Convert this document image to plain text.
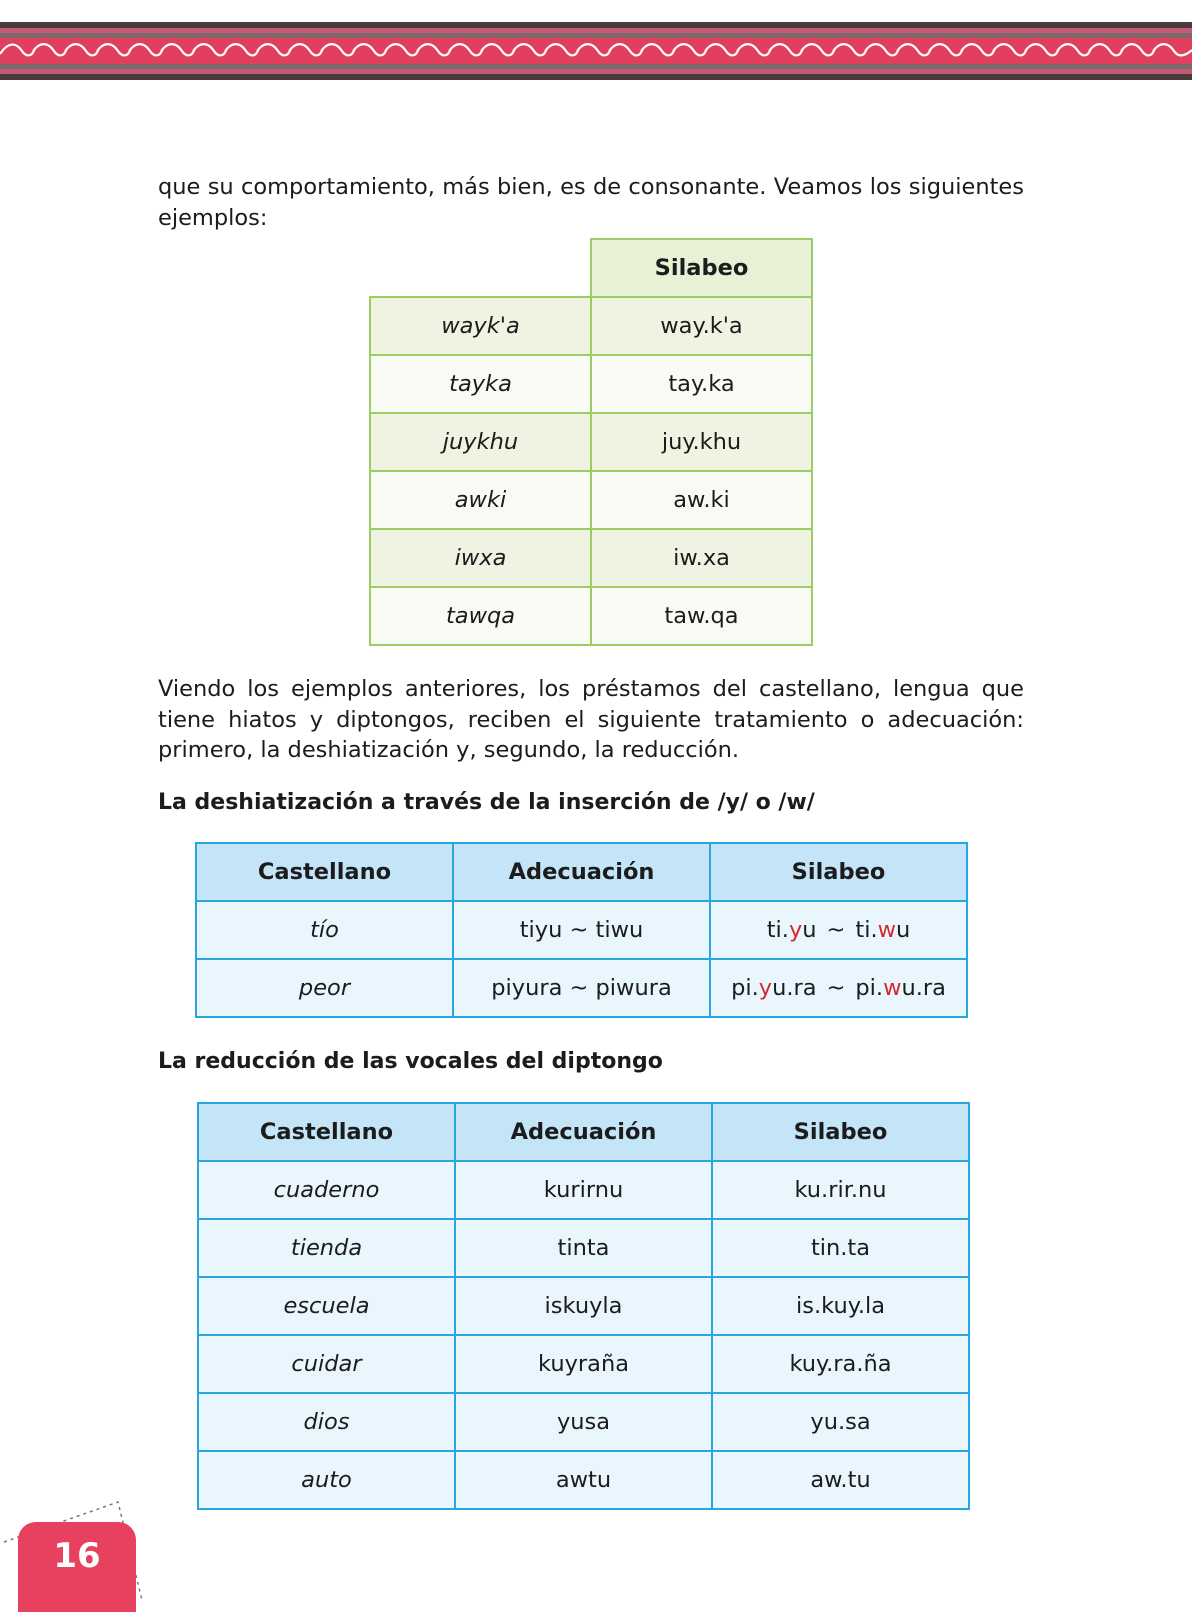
que su comportamiento, más bien, es de consonante. Veamos los siguientes ejemplos:

	Silabeo
wayk'a	way.k'a
tayka	tay.ka
juykhu	juy.khu
awki	aw.ki
iwxa	iw.xa
tawqa	taw.qa

Viendo los ejemplos anteriores, los préstamos del castellano, lengua que tiene hiatos y diptongos, reciben el siguiente tratamiento o adecuación: primero, la deshiatización y, segundo, la reducción.

La deshiatización a través de la inserción de /y/ o /w/
Castellano	Adecuación	Silabeo
tío	tiyu ~ tiwu	ti.yu ~ ti.wu
peor	piyura ~ piwura	pi.yu.ra ~ pi.wu.ra
La reducción de las vocales del diptongo
Castellano	Adecuación	Silabeo
cuaderno	kurirnu	ku.rir.nu
tienda	tinta	tin.ta
escuela	iskuyla	is.kuy.la
cuidar	kuyraña	kuy.ra.ña
dios	yusa	yu.sa
auto	awtu	aw.tu
16
